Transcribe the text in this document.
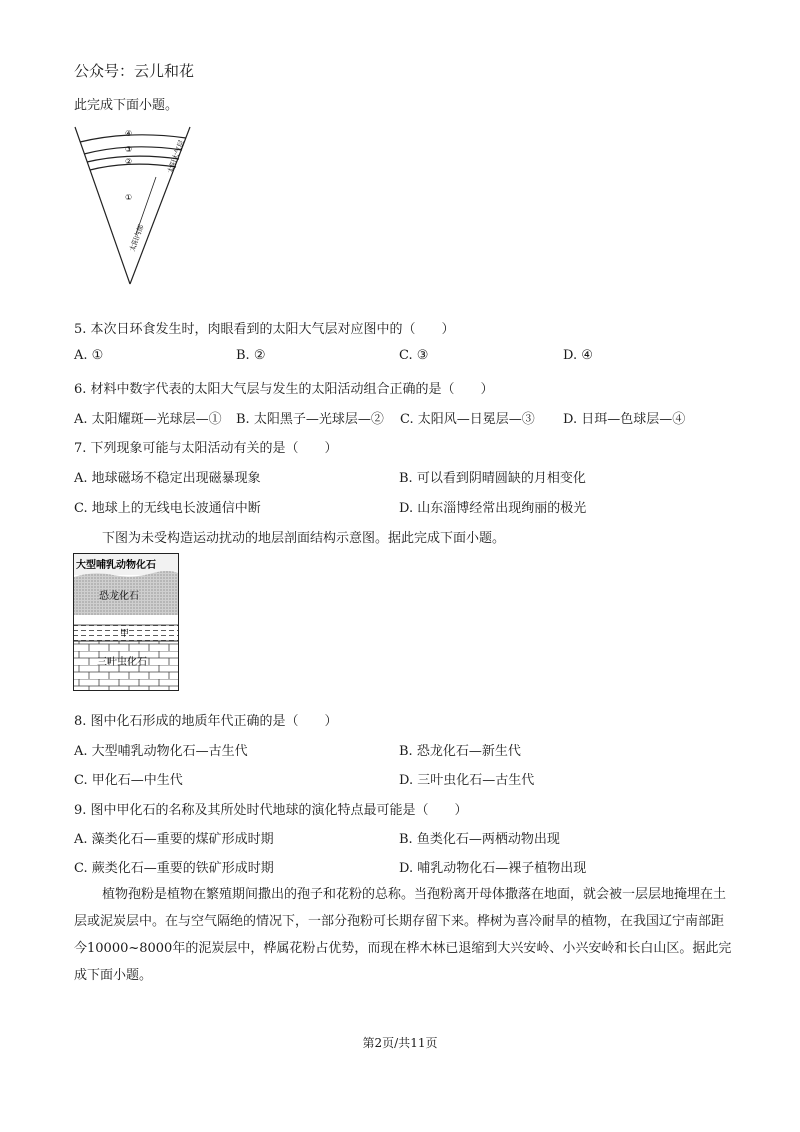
公众号：云儿和花
此完成下面小题。
④
③
②
①
太阳大气层
太阳内部
5. 本次日环食发生时，肉眼看到的太阳大气层对应图中的（　　）
A. ①	B. ②	C. ③	D. ④
6. 材料中数字代表的太阳大气层与发生的太阳活动组合正确的是（　　）
A. 太阳耀斑—光球层—① B. 太阳黑子—光球层—② C. 太阳风—日冕层—③ D. 日珥—色球层—④
7. 下列现象可能与太阳活动有关的是（　　）
A. 地球磁场不稳定出现磁暴现象	B. 可以看到阴晴圆缺的月相变化
C. 地球上的无线电长波通信中断	D. 山东淄博经常出现绚丽的极光
下图为未受构造运动扰动的地层剖面结构示意图。据此完成下面小题。
大型哺乳动物化石
恐龙化石
甲
三叶虫化石
8. 图中化石形成的地质年代正确的是（　　）
A. 大型哺乳动物化石—古生代	B. 恐龙化石—新生代
C. 甲化石—中生代	D. 三叶虫化石—古生代
9. 图中甲化石的名称及其所处时代地球的演化特点最可能是（　　）
A. 藻类化石—重要的煤矿形成时期	B. 鱼类化石—两栖动物出现
C. 蕨类化石—重要的铁矿形成时期	D. 哺乳动物化石—裸子植物出现
植物孢粉是植物在繁殖期间撒出的孢子和花粉的总称。当孢粉离开母体撒落在地面，就会被一层层地掩埋在土层或泥炭层中。在与空气隔绝的情况下，一部分孢粉可长期存留下来。桦树为喜冷耐旱的植物，在我国辽宁南部距今10000~8000年的泥炭层中，桦属花粉占优势，而现在桦木林已退缩到大兴安岭、小兴安岭和长白山区。据此完成下面小题。
第2页/共11页
